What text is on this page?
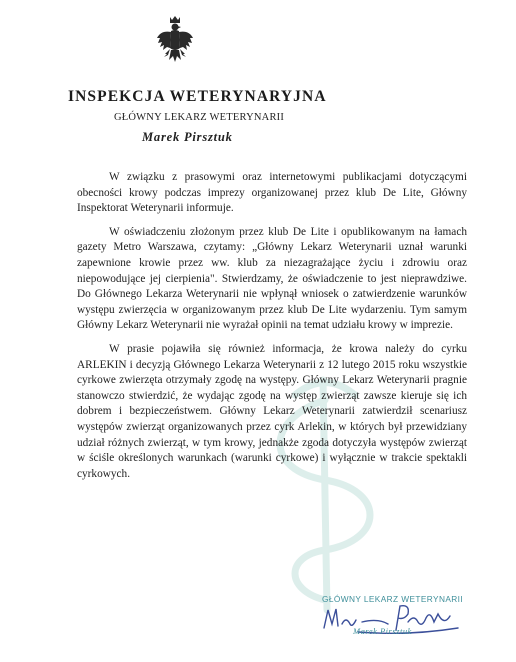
INSPEKCJA WETERYNARYJNA
GŁÓWNY LEKARZ WETERYNARII
Marek Pirsztuk

W związku z prasowymi oraz internetowymi publikacjami dotyczącymi obecności krowy podczas imprezy organizowanej przez klub De Lite, Główny Inspektorat Weterynarii informuje.

W oświadczeniu złożonym przez klub De Lite i opublikowanym na łamach gazety Metro Warszawa, czytamy: „Główny Lekarz Weterynarii uznał warunki zapewnione krowie przez ww. klub za niezagrażające życiu i zdrowiu oraz niepowodujące jej cierpienia". Stwierdzamy, że oświadczenie to jest nieprawdziwe. Do Głównego Lekarza Weterynarii nie wpłynął wniosek o zatwierdzenie warunków występu zwierzęcia w organizowanym przez klub De Lite wydarzeniu. Tym samym Główny Lekarz Weterynarii nie wyrażał opinii na temat udziału krowy w imprezie.

W prasie pojawiła się również informacja, że krowa należy do cyrku ARLEKIN i decyzją Głównego Lekarza Weterynarii z 12 lutego 2015 roku wszystkie cyrkowe zwierzęta otrzymały zgodę na występy. Główny Lekarz Weterynarii pragnie stanowczo stwierdzić, że wydając zgodę na występ zwierząt zawsze kieruje się ich dobrem i bezpieczeństwem. Główny Lekarz Weterynarii zatwierdził scenariusz występów zwierząt organizowanych przez cyrk Arlekin, w których był przewidziany udział różnych zwierząt, w tym krowy, jednakże zgoda dotyczyła występów zwierząt w ściśle określonych warunkach (warunki cyrkowe) i wyłącznie w trakcie spektakli cyrkowych.

GŁÓWNY LEKARZ WETERYNARII
Marek Pirsztuk
